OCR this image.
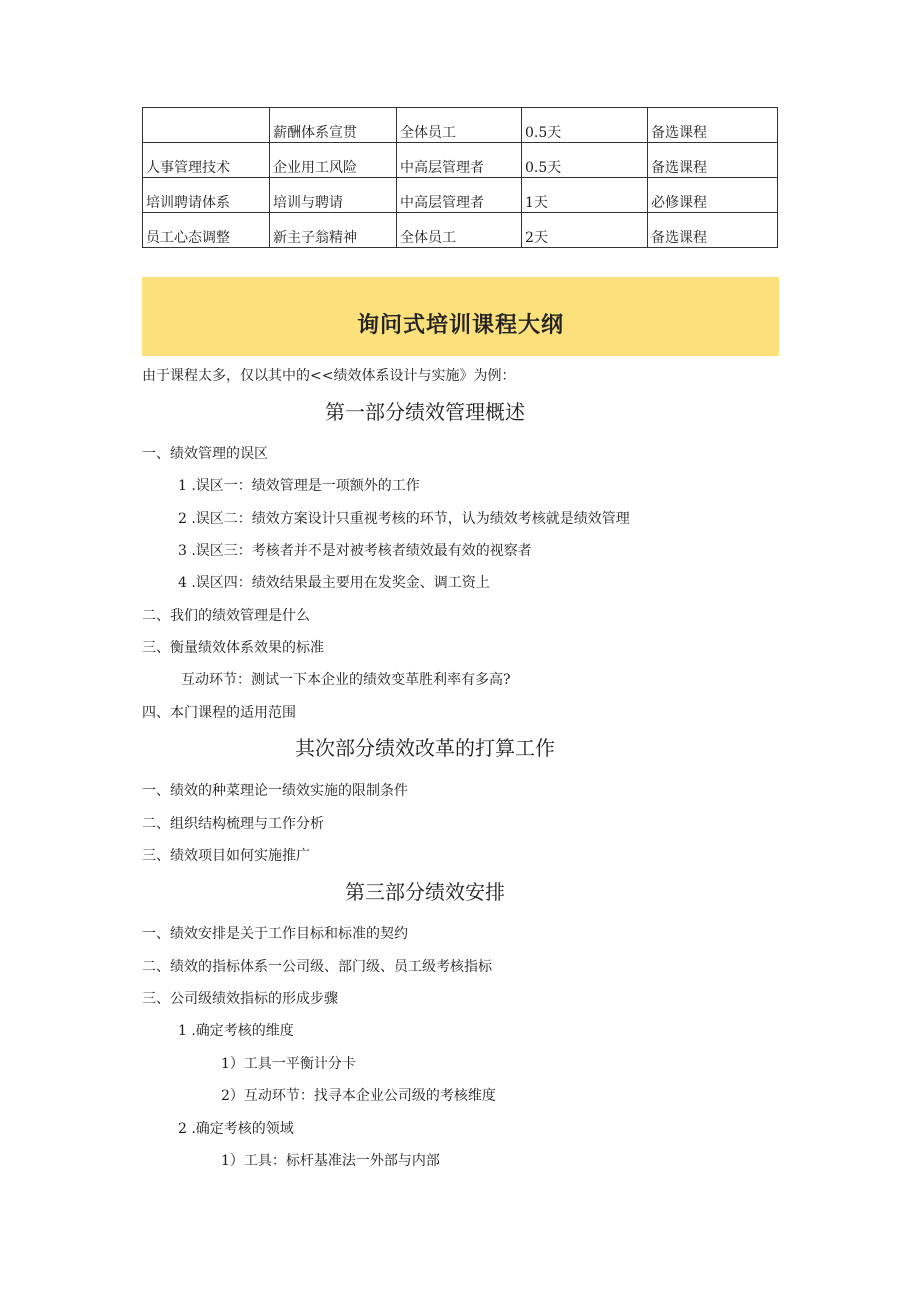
	薪酬体系宣贯	全体员工	0.5天	备选课程
人事管理技术	企业用工风险	中高层管理者	0.5天	备选课程
培训聘请体系	培训与聘请	中高层管理者	1天	必修课程
员工心态调整	新主子翁精神	全体员工	2天	备选课程
询问式培训课程大纲
由于课程太多，仅以其中的<<绩效体系设计与实施》为例：
第一部分绩效管理概述
一、绩效管理的误区
1 .误区一：绩效管理是一项额外的工作
2 .误区二：绩效方案设计只重视考核的环节，认为绩效考核就是绩效管理
3 .误区三：考核者并不是对被考核者绩效最有效的视察者
4 .误区四：绩效结果最主要用在发奖金、调工资上
二、我们的绩效管理是什么
三、衡量绩效体系效果的标准
互动环节：测试一下本企业的绩效变革胜利率有多高?
四、本门课程的适用范围
其次部分绩效改革的打算工作
一、绩效的种菜理论一绩效实施的限制条件
二、组织结构梳理与工作分析
三、绩效项目如何实施推广
第三部分绩效安排
一、绩效安排是关于工作目标和标准的契约
二、绩效的指标体系一公司级、部门级、员工级考核指标
三、公司级绩效指标的形成步骤
1 .确定考核的维度
1）工具一平衡计分卡
2）互动环节：找寻本企业公司级的考核维度
2 .确定考核的领域
1）工具：标杆基准法一外部与内部
